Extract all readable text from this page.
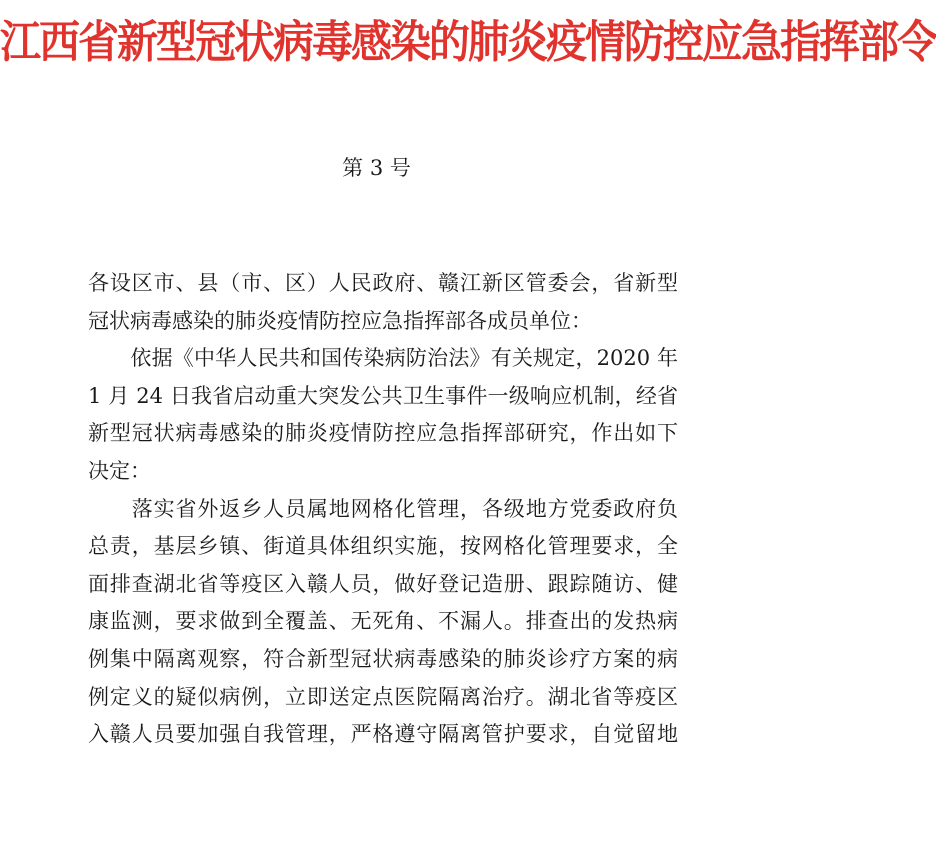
江西省新型冠状病毒感染的肺炎疫情防控应急指挥部令
第 3 号
各设区市、县（市、区）人民政府、赣江新区管委会，省新型
冠状病毒感染的肺炎疫情防控应急指挥部各成员单位：
　　依据《中华人民共和国传染病防治法》有关规定，2020 年
1 月 24 日我省启动重大突发公共卫生事件一级响应机制，经省
新型冠状病毒感染的肺炎疫情防控应急指挥部研究，作出如下
决定：
　　落实省外返乡人员属地网格化管理，各级地方党委政府负
总责，基层乡镇、街道具体组织实施，按网格化管理要求，全
面排查湖北省等疫区入赣人员，做好登记造册、跟踪随访、健
康监测，要求做到全覆盖、无死角、不漏人。排查出的发热病
例集中隔离观察，符合新型冠状病毒感染的肺炎诊疗方案的病
例定义的疑似病例，立即送定点医院隔离治疗。湖北省等疫区
入赣人员要加强自我管理，严格遵守隔离管护要求，自觉留地
